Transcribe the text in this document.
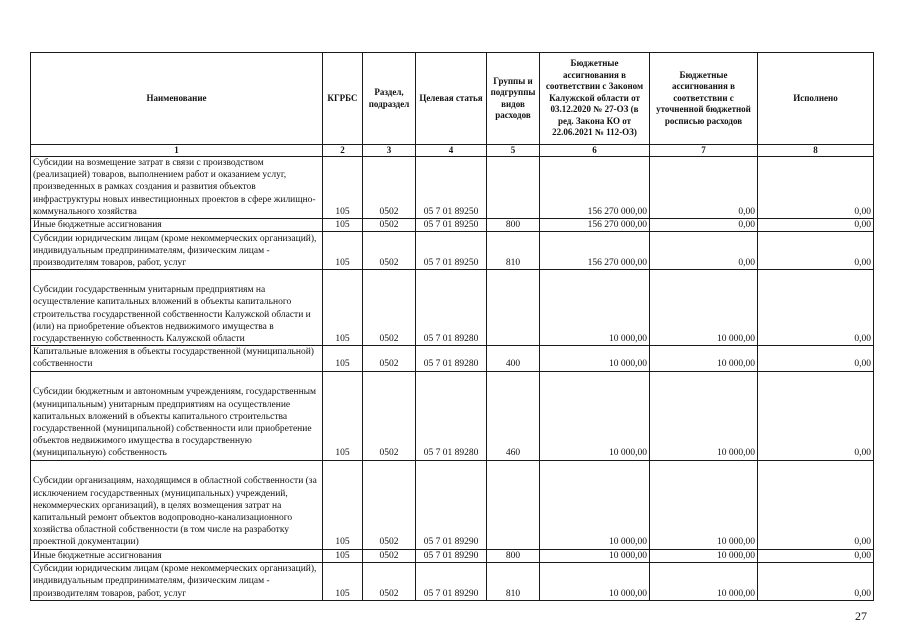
Наименование	КГРБС	Раздел, подраздел	Целевая статья	Группы и подгруппы видов расходов	Бюджетные ассигнования в соответствии с Законом Калужской области от 03.12.2020 № 27-ОЗ (в ред. Закона КО от 22.06.2021 № 112-ОЗ)	Бюджетные ассигнования в соответствии с уточненной бюджетной росписью расходов	Исполнено
1	2	3	4	5	6	7	8
Субсидии на возмещение затрат в связи с производством (реализацией) товаров, выполнением работ и оказанием услуг, произведенных в рамках создания и развития объектов инфраструктуры новых инвестиционных проектов в сфере жилищно-коммунального хозяйства	105	0502	05 7 01 89250		156 270 000,00	0,00	0,00
Иные бюджетные ассигнования	105	0502	05 7 01 89250	800	156 270 000,00	0,00	0,00
Субсидии юридическим лицам (кроме некоммерческих организаций), индивидуальным предпринимателям, физическим лицам - производителям товаров, работ, услуг	105	0502	05 7 01 89250	810	156 270 000,00	0,00	0,00
Субсидии государственным унитарным предприятиям на осуществление капитальных вложений в объекты капитального строительства государственной собственности Калужской области и (или) на приобретение объектов недвижимого имущества в государственную собственность Калужской области	105	0502	05 7 01 89280		10 000,00	10 000,00	0,00
Капитальные вложения в объекты государственной (муниципальной) собственности	105	0502	05 7 01 89280	400	10 000,00	10 000,00	0,00
Субсидии бюджетным и автономным учреждениям, государственным (муниципальным) унитарным предприятиям на осуществление капитальных вложений в объекты капитального строительства государственной (муниципальной) собственности или приобретение объектов недвижимого имущества в государственную (муниципальную) собственность	105	0502	05 7 01 89280	460	10 000,00	10 000,00	0,00
Субсидии организациям, находящимся в областной собственности (за исключением государственных (муниципальных) учреждений, некоммерческих организаций), в целях возмещения затрат на капитальный ремонт объектов водопроводно-канализационного хозяйства областной собственности (в том числе на разработку проектной документации)	105	0502	05 7 01 89290		10 000,00	10 000,00	0,00
Иные бюджетные ассигнования	105	0502	05 7 01 89290	800	10 000,00	10 000,00	0,00
Субсидии юридическим лицам (кроме некоммерческих организаций), индивидуальным предпринимателям, физическим лицам - производителям товаров, работ, услуг	105	0502	05 7 01 89290	810	10 000,00	10 000,00	0,00
27
